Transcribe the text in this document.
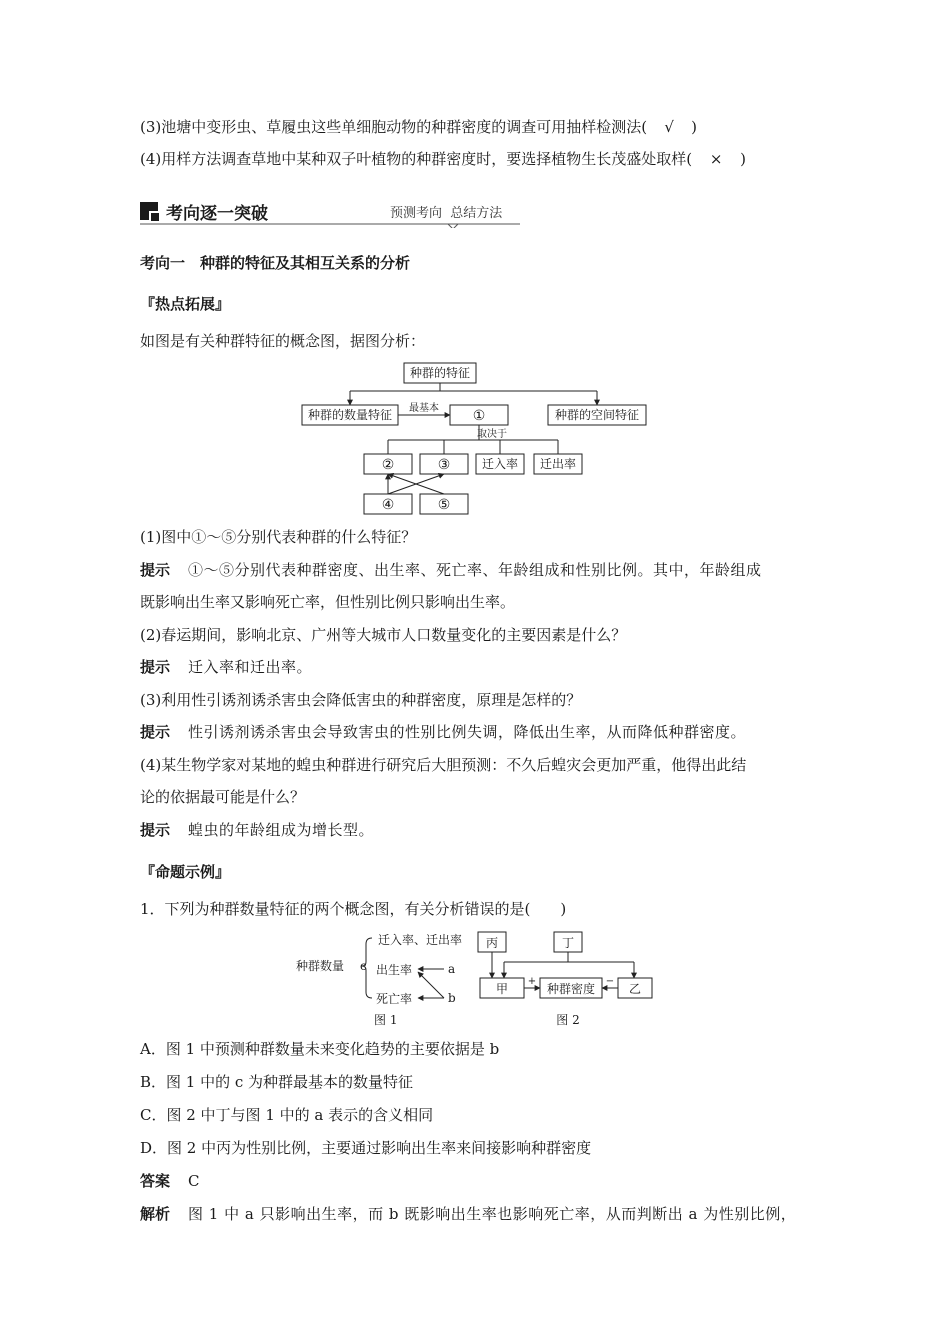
(3)池塘中变形虫、草履虫这些单细胞动物的种群密度的调查可用抽样检测法( √ )
(4)用样方法调查草地中某种双子叶植物的种群密度时，要选择植物生长茂盛处取样( × )
考向逐一突破	预测考向  总结方法
考向一　种群的特征及其相互关系的分析
『热点拓展』
如图是有关种群特征的概念图，据图分析：
种群的特征
种群的数量特征 最基本 ①	种群的空间特征
取决于
②	③	迁入率 迁出率
④	⑤
(1)图中①～⑤分别代表种群的什么特征？
提示 ①～⑤分别代表种群密度、出生率、死亡率、年龄组成和性别比例。其中，年龄组成
既影响出生率又影响死亡率，但性别比例只影响出生率。
(2)春运期间，影响北京、广州等大城市人口数量变化的主要因素是什么？
提示 迁入率和迁出率。
(3)利用性引诱剂诱杀害虫会降低害虫的种群密度，原理是怎样的？
提示 性引诱剂诱杀害虫会导致害虫的性别比例失调，降低出生率，从而降低种群密度。
(4)某生物学家对某地的蝗虫种群进行研究后大胆预测：不久后蝗灾会更加严重，他得出此结
论的依据最可能是什么？
提示 蝗虫的年龄组成为增长型。
『命题示例』
1．下列为种群数量特征的两个概念图，有关分析错误的是(　　)
种群数量 c
迁入率、迁出率
出生率
死亡率
a
b
图 1
丙	丁
甲	种群密度	乙
+	−
图 2
A．图 1 中预测种群数量未来变化趋势的主要依据是 b
B．图 1 中的 c 为种群最基本的数量特征
C．图 2 中丁与图 1 中的 a 表示的含义相同
D．图 2 中丙为性别比例，主要通过影响出生率来间接影响种群密度
答案 C
解析 图 1 中 a 只影响出生率，而 b 既影响出生率也影响死亡率，从而判断出 a 为性别比例，
